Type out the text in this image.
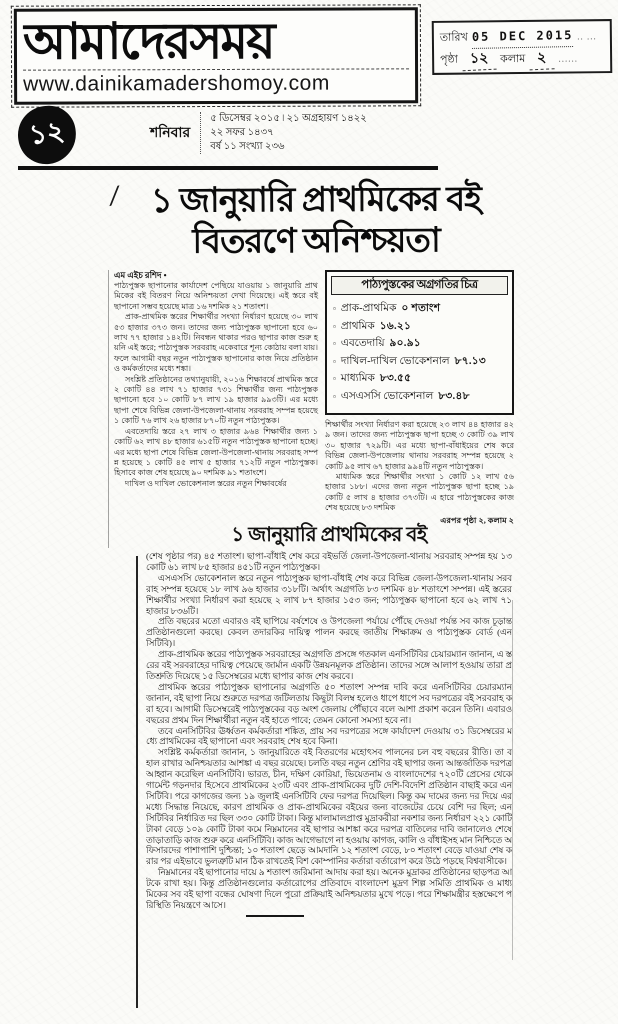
আমাদেরসময়
www.dainikamadershomoy.com
তারিখ 05 DEC 2015 .. ...
পৃষ্ঠা ১২	কলাম ২	......
১২	শনিবার
৫ ডিসেম্বর ২০১৫ ৷ ২১ অগ্রহায়ণ ১৪২২
২২ সফর ১৪৩৭
বর্ষ ১১ সংখ্যা ২৩৬
∕∕	১ জানুয়ারি প্রাথমিকের বই
বিতরণে অনিশ্চয়তা
এম এইচ রশিদ •

পাঠ্যপুস্তক ছাপানোর কার্যাদেশ পেছিয়ে যাওয়ায় ১ জানুয়ারি প্রাথমিকের বই বিতরণ নিয়ে অনিশ্চয়তা দেখা দিয়েছে। এই স্তরে বই ছাপানো সম্ভব হয়েছে মাত্র ১৬ দশমিক ২১ শতাংশ।

প্রাক-প্রাথমিক স্তরের শিক্ষার্থীর সংখ্যা নির্ধারণ হয়েছে ৩০ লাখ ৫৩ হাজার ৩৭৩ জন। তাদের জন্য পাঠ্যপুস্তক ছাপানো হবে ৬০ লাখ ৭৭ হাজার ১৪২টি। নিবন্ধন থাকার পরও ছাপার কাজ শুরু হয়নি এই স্তরে; পাঠ্যপুস্তক সরবরাহ একেবারে শূন্য কোঠায় বলা যায়। ফলে আগামী বছর নতুন পাঠ্যপুস্তক ছাপানোর কাজ নিয়ে প্রতিষ্ঠান ও কর্মকর্তাদের মধ্যে শঙ্কা।

সংশ্লিষ্ট প্রতিষ্ঠানের তথ্যানুযায়ী, ২০১৬ শিক্ষাবর্ষে প্রাথমিক স্তরে ২ কোটি ৪৪ লাখ ৭১ হাজার ৭৩১ শিক্ষার্থীর জন্য পাঠ্যপুস্তক ছাপানো হবে ১০ কোটি ৮৭ লাখ ১৯ হাজার ৯৯৩টি। এর মধ্যে ছাপা শেষে বিভিন্ন জেলা-উপজেলা-থানায় সরবরাহ সম্পন্ন হয়েছে ১ কোটি ৭৬ লাখ ২৬ হাজার ৮৭০টি নতুন পাঠ্যপুস্তক।

এবতেদায়ি স্তরে ২৭ লাখ ৩ হাজার ৯৬৪ শিক্ষার্থীর জন্য ১ কোটি ৬২ লাখ ৪৮ হাজার ৬১৫টি নতুন পাঠ্যপুস্তক ছাপানো হচ্ছে। এর মধ্যে ছাপা শেষে বিভিন্ন জেলা-উপজেলা-থানায় সরবরাহ সম্পন্ন হয়েছে ১ কোটি ৪৫ লাখ ৫ হাজার ৭১২টি নতুন পাঠ্যপুস্তক। হিসাবে কাজ শেষ হয়েছে ৯০ দশমিক ৯১ শতাংশে।

দাখিল ও দাখিল ভোকেশনাল স্তরের নতুন শিক্ষাবর্ষের

পাঠ্যপুস্তকের অগ্রগতির চিত্র
▫ প্রাক-প্রাথমিক ০ শতাংশ
▫ প্রাথমিক ১৬.২১
▫ এবতেদায়ি ৯০.৯১
▫ দাখিল-দাখিল ভোকেশনাল ৮৭.১৩
▫ মাধ্যমিক ৮৩.৫৫
▫ এসএসসি ভোকেশনাল ৮৩.৪৮

শিক্ষার্থীর সংখ্যা নির্ধারণ করা হয়েছে ২৩ লাখ ৪৪ হাজার ৪২৯ জন। তাদের জন্য পাঠ্যপুস্তক ছাপা হচ্ছে ৩ কোটি ৩৯ লাখ ৩০ হাজার ৭২৯টি। এর মধ্যে ছাপা-বাঁধাইয়ের শেষ করে বিভিন্ন জেলা-উপজেলায় থানায় সরবরাহ সম্পন্ন হয়েছে ২ কোটি ৯৫ লাখ ৬৭ হাজার ৯৯৪টি নতুন পাঠ্যপুস্তক।

মাধ্যমিক স্তরে শিক্ষার্থীর সংখ্যা ১ কোটি ১২ লাখ ৫৬ হাজার ১৮৮। এদের জন্য নতুন পাঠ্যপুস্তক ছাপা হচ্ছে ১৯ কোটি ৫ লাখ ৪ হাজার ৩৭৩টি। এ হারে পাঠ্যপুস্তকের কাজ শেষ হয়েছে ৮৩ দশমিক

এরপর পৃষ্ঠা ২, কলাম ২
১ জানুয়ারি প্রাথমিকের বই

(শেষ পৃষ্ঠার পর) ৪৫ শতাংশ। ছাপা-বাঁধাই শেষ করে বইভর্তি জেলা-উপজেলা-থানায় সরবরাহ সম্পন্ন হয় ১৩ কোটি ৬১ লাখ ৮৫ হাজার ৪৫১টি নতুন পাঠ্যপুস্তক।

এসএসসি ভোকেশনাল স্তরে নতুন পাঠ্যপুস্তক ছাপা-বাঁধাই শেষ করে বিভিন্ন জেলা-উপজেলা-থানায় সরবরাহ সম্পন্ন হয়েছে ১৮ লাখ ৯৬ হাজার ৩১৮টি। অর্থাৎ অগ্রগতি ৮৩ দশমিক ৪৮ শতাংশে সম্পন্ন। এই স্তরের শিক্ষার্থীর সংখ্যা নির্ধারণ করা হয়েছে ২ লাখ ৮৭ হাজার ১৫৩ জন; পাঠ্যপুস্তক ছাপানো হবে ৬২ লাখ ৭১ হাজার ৮৩৬টি।

প্রতি বছরের মতো এবারও বই ছাপিয়ে বর্ষশেষে ও উপজেলা পর্যায়ে পৌঁছে দেওয়া পর্যন্ত সব কাজ চূড়ান্ত প্রতিষ্ঠানগুলো করছে। কেবল তদারকির দায়িত্ব পালন করছে জাতীয় শিক্ষাক্রম ও পাঠ্যপুস্তক বোর্ড (এনসিটিবি)।

প্রাক-প্রাথমিক স্তরের পাঠ্যপুস্তক সরবরাহের অগ্রগতি প্রসঙ্গে গতকাল এনসিটিবির চেয়ারম্যান জানান, এ স্তরের বই সরবরাহের দায়িত্ব পেয়েছে জার্মান একটি উন্নয়নমূলক প্রতিষ্ঠান। তাদের সঙ্গে আলাপ হওয়ায় তারা প্রতিশ্রুতি দিয়েছে ১৫ ডিসেম্বরের মধ্যে ছাপার কাজ শেষ করবে।

প্রাথমিক স্তরের পাঠ্যপুস্তক ছাপানোর অগ্রগতি ৫০ শতাংশ সম্পন্ন দাবি করে এনসিটিবির চেয়ারম্যান জানান, বই ছাপা নিয়ে শুরুতে দরপত্র জটিলতায় কিছুটা বিলম্ব হলেও ধাপে ধাপে সব দরপত্রের বই সরবরাহ করা হবে। আগামী ডিসেম্বরেই পাঠ্যপুস্তকের বড় অংশ জেলায় পৌঁছাবে বলে আশা প্রকাশ করেন তিনি। এবারও বছরের প্রথম দিন শিক্ষার্থীরা নতুন বই হাতে পাবে; তেমন কোনো সমস্যা হবে না।

তবে এনসিটিবির ঊর্ধ্বতন কর্মকর্তারা শঙ্কিত, প্রায় সব দরপত্রের সঙ্গে কার্যাদেশ দেওয়ায় ৩১ ডিসেম্বরের মধ্যে প্রাথমিকের বই ছাপানো এবং সরবরাহ শেষ হবে কিনা।

সংশ্লিষ্ট কর্মকর্তারা জানান, ১ জানুয়ারিতে বই বিতরণের মহোৎসব পালনের চল বহু বছরের রীতি। তা বহাল রাখার অনিশ্চয়তার আশঙ্কা এ বছর রয়েছে। চলতি বছর নতুন শ্রেণির বই ছাপার জন্য আন্তর্জাতিক দরপত্র আহ্বান করেছিল এনসিটিবি। ভারত, চীন, দক্ষিণ কোরিয়া, ভিয়েতনাম ও বাংলাদেশের ৭২০টি প্রেসের থেকে গার্মেন্ট গড়নদার হিসেবে প্রাথমিকের ২৩টি এবং প্রাক-প্রাথমিকের দুটি দেশি-বিদেশি প্রতিষ্ঠান বাছাই করে এনসিটিবি। পরে কাগজের জন্য ১৯ জুলাই এনসিটিবি ফের দরপত্র দিয়েছিল। কিন্তু কম দামের জন্য দর দিয়ে এর মধ্যে সিদ্ধান্ত নিয়েছে, কারণ প্রাথমিক ও প্রাক-প্রাথমিকের বইয়ের জন্য বাজেটের চেয়ে বেশি দর ছিল; এনসিটিবির নির্ধারিত দর ছিল ৩৩০ কোটি টাকা। কিন্তু মালামালপ্রাপ্ত মুদ্রাকরীরা নকশার জন্য নির্ধারণ ২২১ কোটি টাকা বেড়ে ১০৯ কোটি টাকা কমে নিম্নমানের বই ছাপার আশঙ্কা করে দরপত্র বাতিলের দাবি জানালেও শেষে তাড়াতাড়ি কাজ শুরু করে এনসিটিবি। কাজ আগেভাগে না হওয়ায় কাগজ, কালি ও বাঁধাইসহ মান নিশ্চিতে অফিসারদের পাশাপাশি দুশ্চিন্তা; ১০ শতাংশ ছেড়ে আমদানি ১২ শতাংশ বেড়ে, ৮০ শতাংশ বেড়ে যাওয়া শেষ করার পর এইভাবে ভুলত্রুটি মান ঠিক রাখতেই বিশ কোম্পানির কর্তারা বর্তারোপ করে উঠে পড়ছে বিশ্ববাসীকে।

নিম্নমানের বই ছাপানোর দায়ে ৯ শতাংশ জরিমানা আদায় করা হয়। অনেক মুদ্রাকর প্রতিষ্ঠানের ছাড়পত্র আটকে রাখা হয়। কিন্তু প্রতিষ্ঠানগুলোর কর্তারোপের প্রতিবাদে বাংলাদেশ মুদ্রণ শিল্প সমিতি প্রাথমিক ও মাধ্যমিকের সব বই ছাপা বন্ধের ঘোষণা দিলে পুরো প্রক্রিয়াই অনিশ্চয়তার মুখে পড়ে। পরে শিক্ষামন্ত্রীর হস্তক্ষেপে পরিস্থিতি নিয়ন্ত্রণে আসে।
